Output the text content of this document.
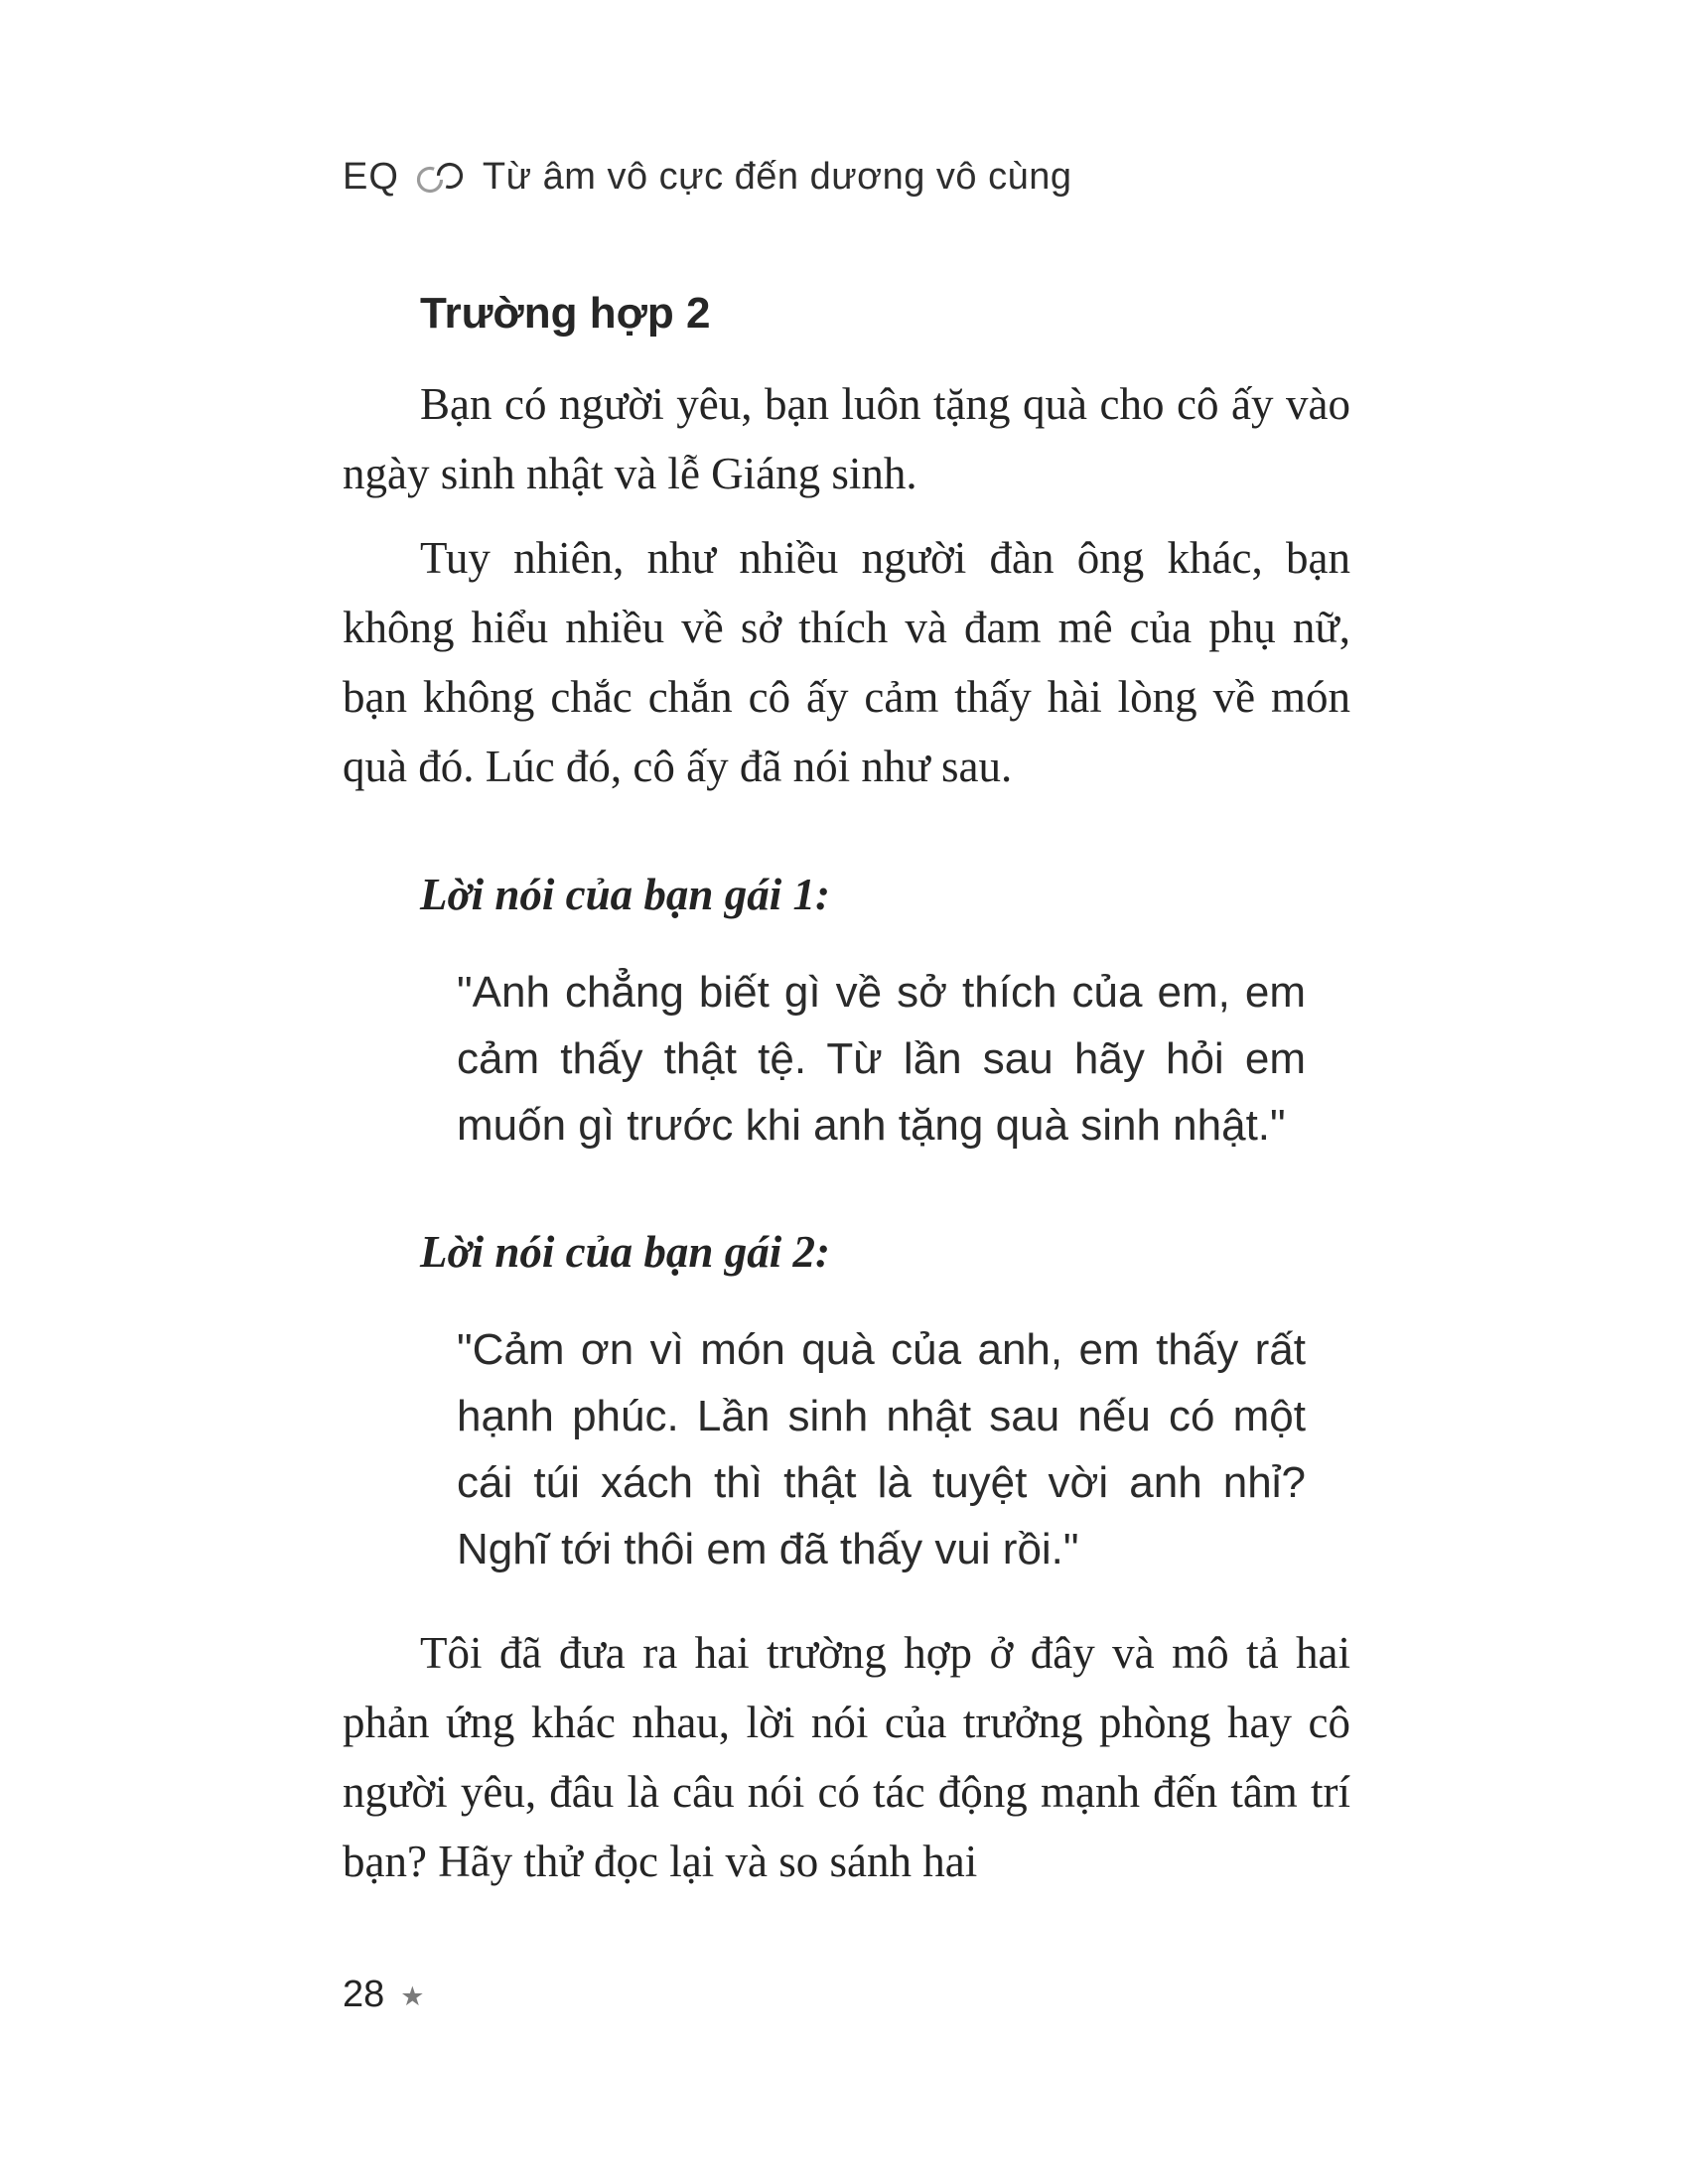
EQ Từ âm vô cực đến dương vô cùng
Trường hợp 2

Bạn có người yêu, bạn luôn tặng quà cho cô ấy vào ngày sinh nhật và lễ Giáng sinh.

Tuy nhiên, như nhiều người đàn ông khác, bạn không hiểu nhiều về sở thích và đam mê của phụ nữ, bạn không chắc chắn cô ấy cảm thấy hài lòng về món quà đó. Lúc đó, cô ấy đã nói như sau.

Lời nói của bạn gái 1:
"Anh chẳng biết gì về sở thích của em, em cảm thấy thật tệ. Từ lần sau hãy hỏi em muốn gì trước khi anh tặng quà sinh nhật."
Lời nói của bạn gái 2:
"Cảm ơn vì món quà của anh, em thấy rất hạnh phúc. Lần sinh nhật sau nếu có một cái túi xách thì thật là tuyệt vời anh nhỉ? Nghĩ tới thôi em đã thấy vui rồi."

Tôi đã đưa ra hai trường hợp ở đây và mô tả hai phản ứng khác nhau, lời nói của trưởng phòng hay cô người yêu, đâu là câu nói có tác động mạnh đến tâm trí bạn? Hãy thử đọc lại và so sánh hai

28 ★
